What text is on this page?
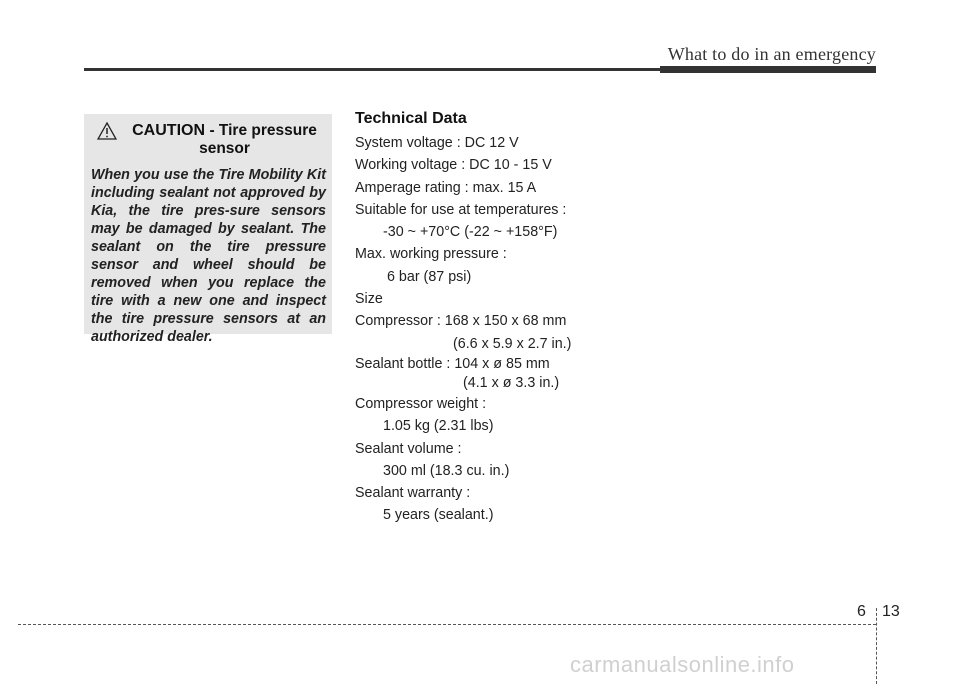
What to do in an emergency
CAUTION - Tire pressure
sensor

When you use the Tire Mobility Kit including sealant not approved by Kia, the tire pres-sure sensors may be damaged by sealant. The sealant on the tire pressure sensor and wheel should be removed when you replace the tire with a new one and inspect the tire pressure sensors at an authorized dealer.

Technical Data
System voltage : DC 12 V
Working voltage : DC 10 - 15 V
Amperage rating : max. 15 A
Suitable for use at temperatures :
-30 ~ +70°C (-22 ~ +158°F)
Max. working pressure :
6 bar (87 psi)
Size
Compressor : 168 x 150 x 68 mm
(6.6 x 5.9 x 2.7 in.)
Sealant bottle : 104 x ø 85 mm
(4.1 x ø 3.3 in.)
Compressor weight :
1.05 kg (2.31 lbs)
Sealant volume :
300 ml (18.3 cu. in.)
Sealant warranty :
5 years (sealant.)
6 13
carmanualsonline.info
